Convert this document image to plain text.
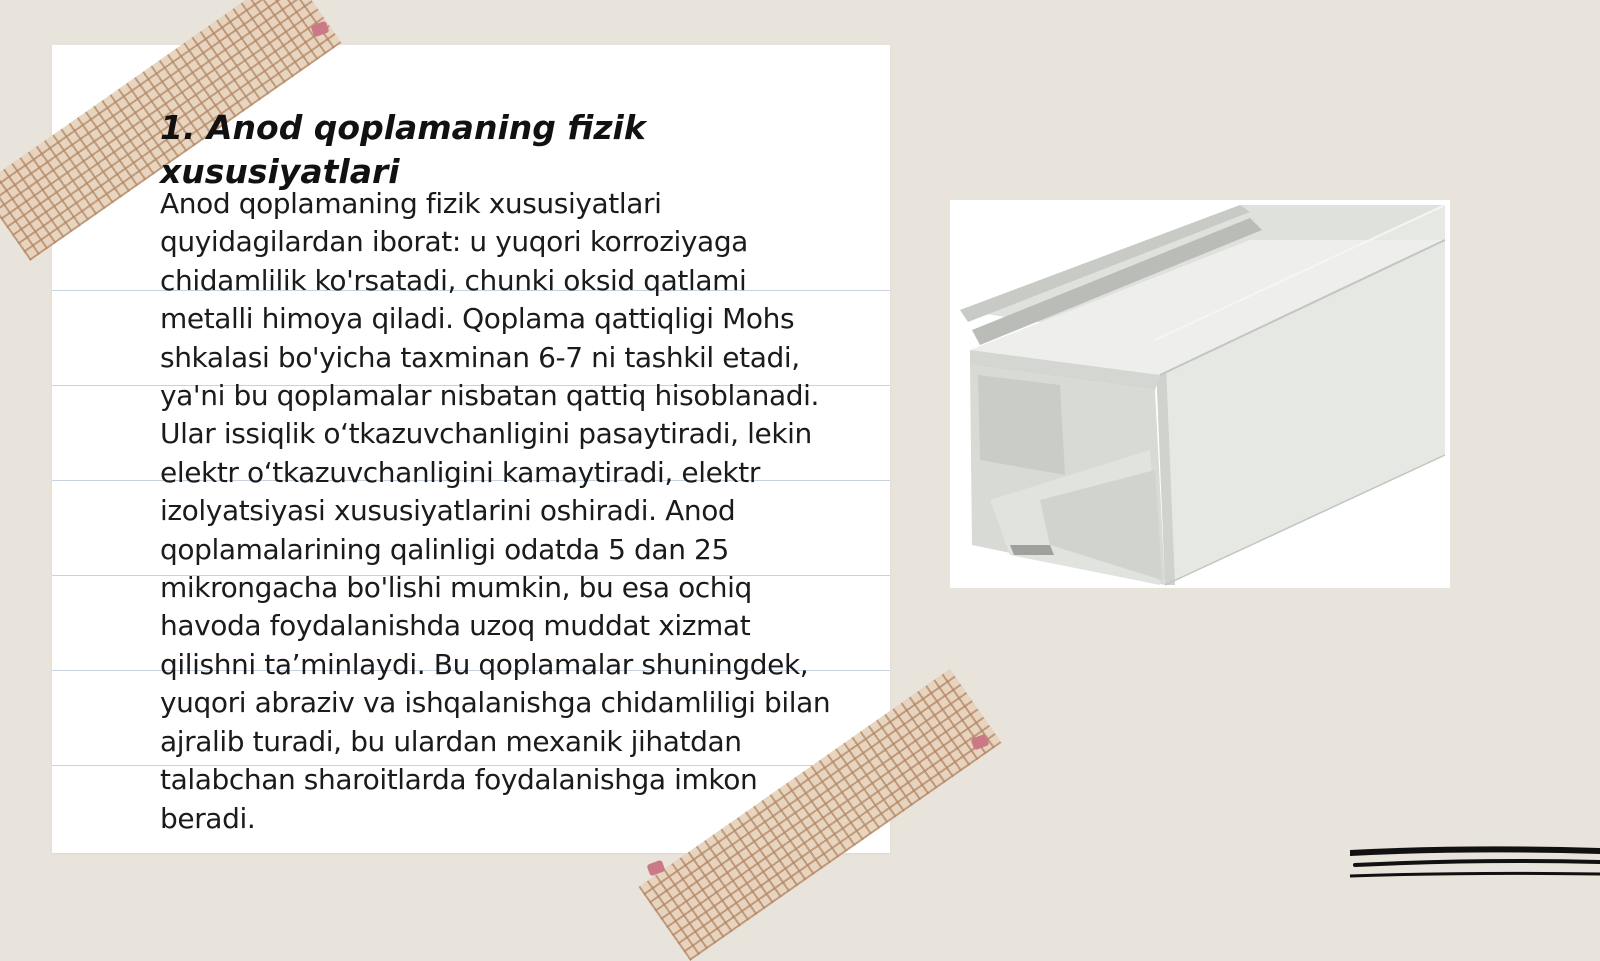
1. Anod qoplamaning fizik xususiyatlari

Anod qoplamaning fizik xususiyatlari quyidagilardan iborat: u yuqori korroziyaga chidamlilik ko'rsatadi, chunki oksid qatlami metalli himoya qiladi. Qoplama qattiqligi Mohs shkalasi bo'yicha taxminan 6-7 ni tashkil etadi, ya'ni bu qoplamalar nisbatan qattiq hisoblanadi. Ular issiqlik o‘tkazuvchanligini pasaytiradi, lekin elektr o‘tkazuvchanligini kamaytiradi, elektr izolyatsiyasi xususiyatlarini oshiradi. Anod qoplamalarining qalinligi odatda 5 dan 25 mikrongacha bo'lishi mumkin, bu esa ochiq havoda foydalanishda uzoq muddat xizmat qilishni ta’minlaydi. Bu qoplamalar shuningdek, yuqori abraziv va ishqalanishga chidamliligi bilan ajralib turadi, bu ulardan mexanik jihatdan talabchan sharoitlarda foydalanishga imkon beradi.
